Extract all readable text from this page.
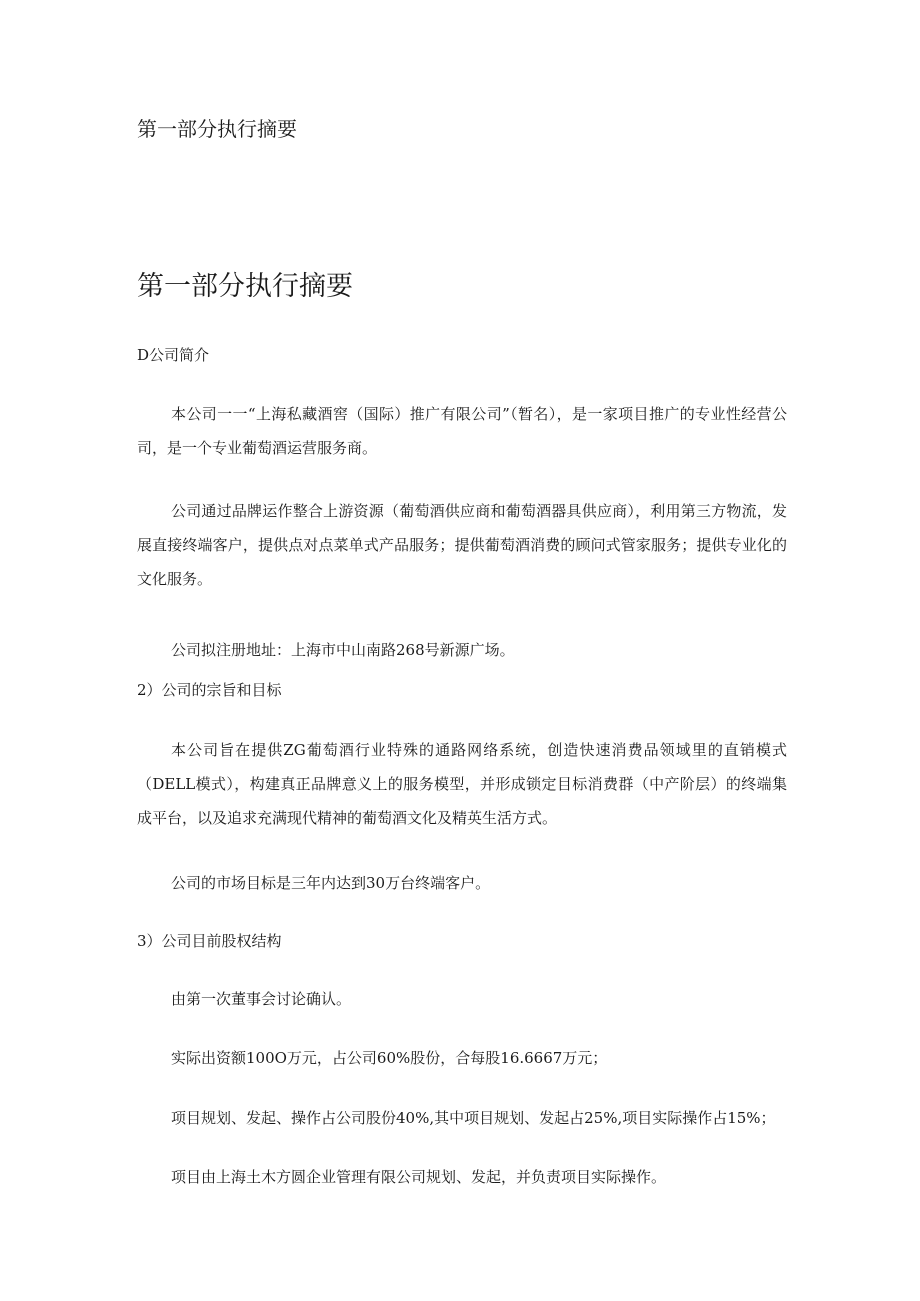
第一部分执行摘要
第一部分执行摘要
D公司简介
本公司一一“上海私藏酒窖（国际）推广有限公司”（暂名），是一家项目推广的专业性经营公司，是一个专业葡萄酒运营服务商。
公司通过品牌运作整合上游资源（葡萄酒供应商和葡萄酒器具供应商），利用第三方物流，发展直接终端客户，提供点对点菜单式产品服务；提供葡萄酒消费的顾问式管家服务；提供专业化的文化服务。
公司拟注册地址：上海市中山南路268号新源广场。
2）公司的宗旨和目标
本公司旨在提供ZG葡萄酒行业特殊的通路网络系统，创造快速消费品领域里的直销模式（DELL模式），构建真正品牌意义上的服务模型，并形成锁定目标消费群（中产阶层）的终端集成平台，以及追求充满现代精神的葡萄酒文化及精英生活方式。
公司的市场目标是三年内达到30万台终端客户。
3）公司目前股权结构
由第一次董事会讨论确认。
实际出资额100O万元，占公司60%股份，合每股16.6667万元；
项目规划、发起、操作占公司股份40%,其中项目规划、发起占25%,项目实际操作占15%；
项目由上海土木方圆企业管理有限公司规划、发起，并负责项目实际操作。
